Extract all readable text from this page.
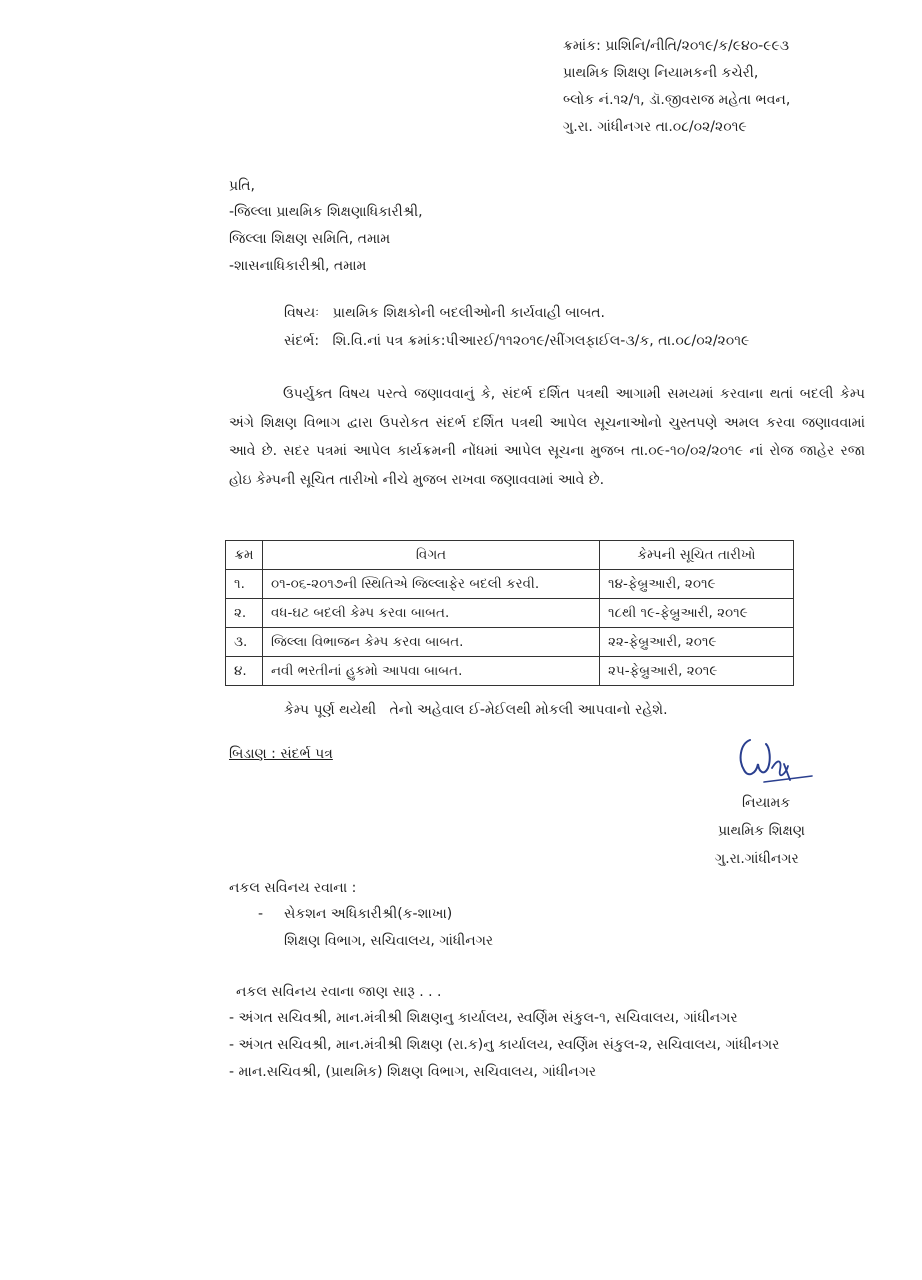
ક્રમાંક: પ્રાશિનિ/નીતિ/૨૦૧૯/ક/૯૪૦-૯૯૩
પ્રાથમિક શિક્ષણ નિયામકની કચેરી,
બ્લોક નં.૧૨/૧, ડૉ.જીવરાજ મહેતા ભવન,
ગુ.રા. ગાંધીનગર તા.૦૮/૦૨/૨૦૧૯
પ્રતિ,
-જિલ્લા પ્રાથમિક શિક્ષણાધિકારીશ્રી,
જિલ્લા શિક્ષણ સમિતિ, તમામ
-શાસનાધિકારીશ્રી, તમામ
વિષયઃ પ્રાથમિક શિક્ષકોની બદલીઓની કાર્યવાહી બાબત.
સંદર્ભ: શિ.વિ.નાં પત્ર ક્રમાંક:પીઆરઈ/૧૧૨૦૧૯/સીંગલફાઈલ-૩/ક, તા.૦૮/૦૨/૨૦૧૯
ઉપર્યુક્ત વિષય પરત્વે જણાવવાનું કે, સંદર્ભ દર્શિત પત્રથી આગામી સમયમાં કરવાના થતાં બદલી કેમ્પ અંગે શિક્ષણ વિભાગ દ્વારા ઉપરોકત સંદર્ભ દર્શિત પત્રથી આપેલ સૂચનાઓનો ચુસ્તપણે અમલ કરવા જણાવવામાં આવે છે. સદર પત્રમાં આપેલ કાર્યક્રમની નોંધમાં આપેલ સૂચના મુજબ તા.૦૯-૧૦/૦૨/૨૦૧૯ નાં રોજ જાહેર રજા હોઇ કેમ્પની સૂચિત તારીખો નીચે મુજબ રાખવા જણાવવામાં આવે છે.
ક્રમ	વિગત	કેમ્પની સૂચિત તારીખો
૧.	૦૧-૦૬-૨૦૧૭ની સ્થિતિએ જિલ્લાફેર બદલી કરવી.	૧૪-ફેબ્રુઆરી, ૨૦૧૯
૨.	વધ-ઘટ બદલી કેમ્પ કરવા બાબત.	૧૮થી ૧૯-ફેબ્રુઆરી, ૨૦૧૯
૩.	જિલ્લા વિભાજન કેમ્પ કરવા બાબત.	૨૨-ફેબ્રુઆરી, ૨૦૧૯
૪.	નવી ભરતીનાં હુકમો આપવા બાબત.	૨૫-ફેબ્રુઆરી, ૨૦૧૯
કેમ્પ પૂર્ણ થયેથી   તેનો અહેવાલ ઈ-મેઈલથી મોકલી આપવાનો રહેશે.
બિડાણ : સંદર્ભ પત્ર
નિયામક
પ્રાથમિક શિક્ષણ
ગુ.રા.ગાંધીનગર
નકલ સવિનય રવાના :
- સેકશન અધિકારીશ્રી(ક-શાખા)
શિક્ષણ વિભાગ, સચિવાલય, ગાંધીનગર
નકલ સવિનય રવાના જાણ સારૂ . . .
- અંગત સચિવશ્રી, માન.મંત્રીશ્રી શિક્ષણનુ કાર્યાલય, સ્વર્ણિમ સંકુલ-૧, સચિવાલય, ગાંધીનગર
- અંગત સચિવશ્રી, માન.મંત્રીશ્રી શિક્ષણ (રા.ક)નુ કાર્યાલય, સ્વર્ણિમ સંકુલ-૨, સચિવાલય, ગાંધીનગર
- માન.સચિવશ્રી, (પ્રાથમિક) શિક્ષણ વિભાગ, સચિવાલય, ગાંધીનગર
